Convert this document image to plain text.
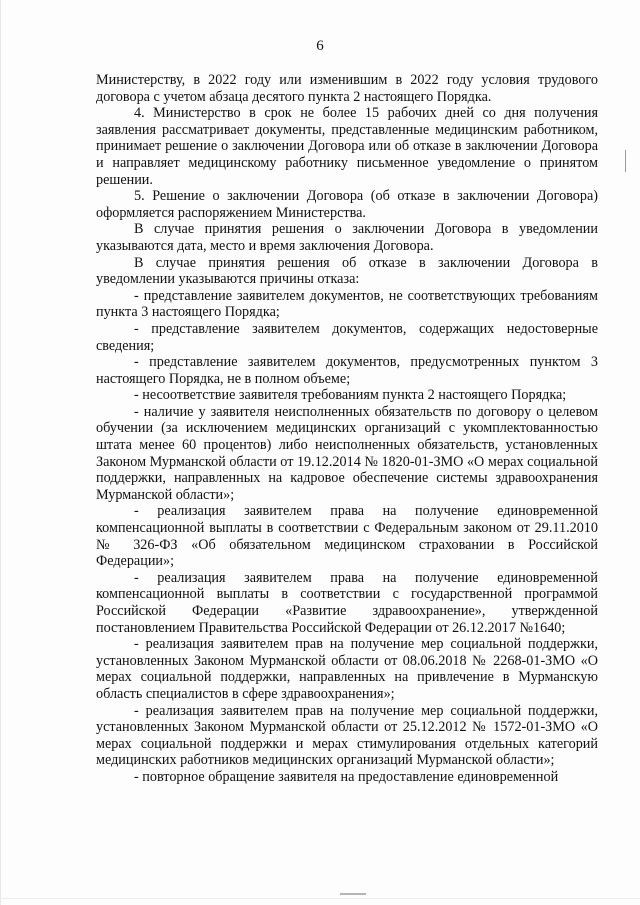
6

Министерству, в 2022 году или изменившим в 2022 году условия трудового договора с учетом абзаца десятого пункта 2 настоящего Порядка.

4. Министерство в срок не более 15 рабочих дней со дня получения заявления рассматривает документы, представленные медицинским работником, принимает решение о заключении Договора или об отказе в заключении Договора и направляет медицинскому работнику письменное уведомление о принятом решении.

5. Решение о заключении Договора (об отказе в заключении Договора) оформляется распоряжением Министерства.

В случае принятия решения о заключении Договора в уведомлении указываются дата, место и время заключения Договора.

В случае принятия решения об отказе в заключении Договора в уведомлении указываются причины отказа:

- представление заявителем документов, не соответствующих требованиям пункта 3 настоящего Порядка;

- представление заявителем документов, содержащих недостоверные сведения;

- представление заявителем документов, предусмотренных пунктом 3 настоящего Порядка, не в полном объеме;

- несоответствие заявителя требованиям пункта 2 настоящего Порядка;

- наличие у заявителя неисполненных обязательств по договору о целевом обучении (за исключением медицинских организаций с укомплектованностью штата менее 60 процентов) либо неисполненных обязательств, установленных Законом Мурманской области от 19.12.2014 № 1820-01-ЗМО «О мерах социальной поддержки, направленных на кадровое обеспечение системы здравоохранения Мурманской области»;

- реализация заявителем права на получение единовременной компенсационной выплаты в соответствии с Федеральным законом от 29.11.2010 № 326-ФЗ «Об обязательном медицинском страховании в Российской Федерации»;

- реализация заявителем права на получение единовременной компенсационной выплаты в соответствии с государственной программой Российской Федерации «Развитие здравоохранение», утвержденной постановлением Правительства Российской Федерации от 26.12.2017 №1640;

- реализация заявителем прав на получение мер социальной поддержки, установленных Законом Мурманской области от 08.06.2018 № 2268-01-ЗМО «О мерах социальной поддержки, направленных на привлечение в Мурманскую область специалистов в сфере здравоохранения»;

- реализация заявителем прав на получение мер социальной поддержки, установленных Законом Мурманской области от 25.12.2012 № 1572-01-ЗМО «О мерах социальной поддержки и мерах стимулирования отдельных категорий медицинских работников медицинских организаций Мурманской области»;

- повторное обращение заявителя на предоставление единовременной
